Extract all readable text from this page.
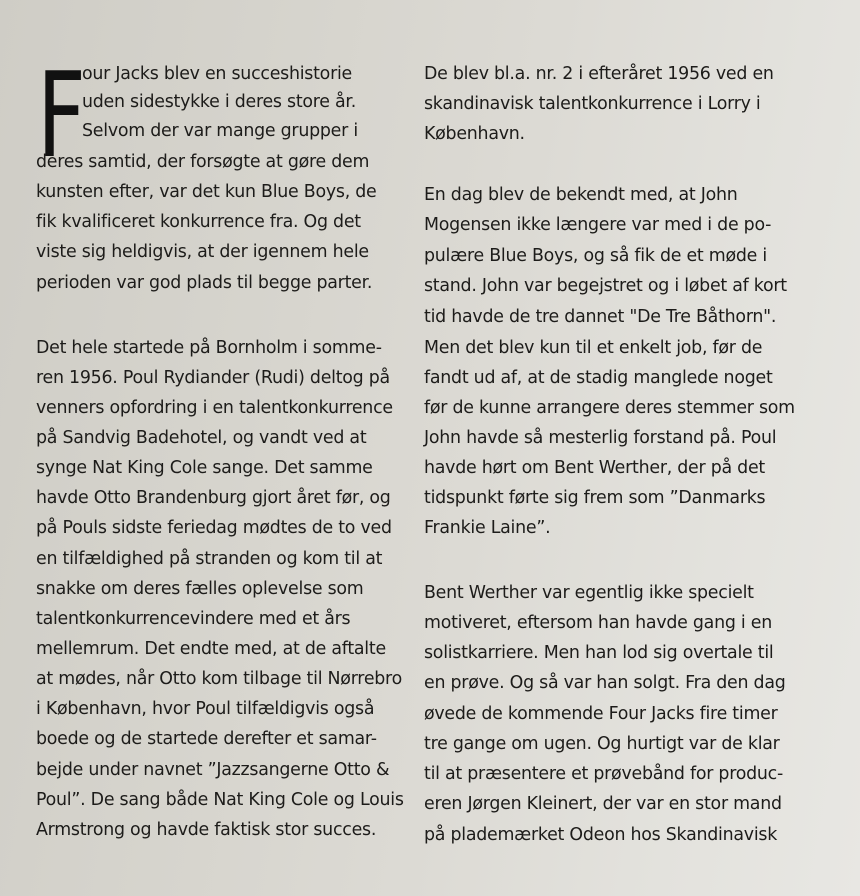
F
our Jacks blev en succeshistorie
uden sidestykke i deres store år.
Selvom der var mange grupper i
deres samtid, der forsøgte at gøre dem
kunsten efter, var det kun Blue Boys, de
fik kvalificeret konkurrence fra. Og det
viste sig heldigvis, at der igennem hele
perioden var god plads til begge parter.
Det hele startede på Bornholm i somme-
ren 1956. Poul Rydiander (Rudi) deltog på
venners opfordring i en talentkonkurrence
på Sandvig Badehotel, og vandt ved at
synge Nat King Cole sange. Det samme
havde Otto Brandenburg gjort året før, og
på Pouls sidste feriedag mødtes de to ved
en tilfældighed på stranden og kom til at
snakke om deres fælles oplevelse som
talentkonkurrencevindere med et års
mellemrum. Det endte med, at de aftalte
at mødes, når Otto kom tilbage til Nørrebro
i København, hvor Poul tilfældigvis også
boede og de startede derefter et samar-
bejde under navnet ”Jazzsangerne Otto &
Poul”. De sang både Nat King Cole og Louis
Armstrong og havde faktisk stor succes.
De blev bl.a. nr. 2 i efteråret 1956 ved en
skandinavisk talentkonkurrence i Lorry i
København.
En dag blev de bekendt med, at John
Mogensen ikke længere var med i de po-
pulære Blue Boys, og så fik de et møde i
stand. John var begejstret og i løbet af kort
tid havde de tre dannet "De Tre Båthorn".
Men det blev kun til et enkelt job, før de
fandt ud af, at de stadig manglede noget
før de kunne arrangere deres stemmer som
John havde så mesterlig forstand på. Poul
havde hørt om Bent Werther, der på det
tidspunkt førte sig frem som ”Danmarks
Frankie Laine”.
Bent Werther var egentlig ikke specielt
motiveret, eftersom han havde gang i en
solistkarriere. Men han lod sig overtale til
en prøve. Og så var han solgt. Fra den dag
øvede de kommende Four Jacks fire timer
tre gange om ugen. Og hurtigt var de klar
til at præsentere et prøvebånd for produc-
eren Jørgen Kleinert, der var en stor mand
på plademærket Odeon hos Skandinavisk
